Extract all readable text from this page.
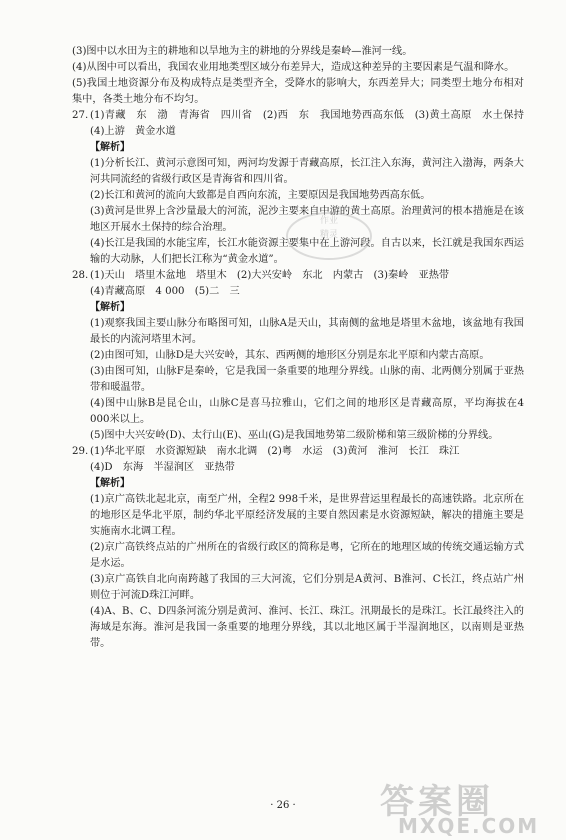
(3)图中以水田为主的耕地和以旱地为主的耕地的分界线是秦岭—淮河一线。

(4)从图中可以看出，我国农业用地类型区域分布差异大，造成这种差异的主要因素是气温和降水。

(5)我国土地资源分布及构成特点是类型齐全，受降水的影响大，东西差异大；同类型土地分布相对集中，各类土地分布不均匀。

27. (1)青藏　东　渤　青海省　四川省　(2)西　东　我国地势西高东低　(3)黄土高原　水土保持　(4)上游　黄金水道

【解析】

(1)分析长江、黄河示意图可知，两河均发源于青藏高原，长江注入东海，黄河注入渤海，两条大河共同流经的省级行政区是青海省和四川省。

(2)长江和黄河的流向大致都是自西向东流，主要原因是我国地势西高东低。

(3)黄河是世界上含沙量最大的河流，泥沙主要来自中游的黄土高原。治理黄河的根本措施是在该地区开展水土保持的综合治理。

(4)长江是我国的水能宝库，长江水能资源主要集中在上游河段。自古以来，长江就是我国东西运输的大动脉，人们把长江称为“黄金水道”。

28. (1)天山　塔里木盆地　塔里木　(2)大兴安岭　东北　内蒙古　(3)秦岭　亚热带

(4)青藏高原　4 000　(5)二　三

【解析】

(1)观察我国主要山脉分布略图可知，山脉A是天山，其南侧的盆地是塔里木盆地，该盆地有我国最长的内流河塔里木河。

(2)由图可知，山脉D是大兴安岭，其东、西两侧的地形区分别是东北平原和内蒙古高原。

(3)由图可知，山脉F是秦岭，它是我国一条重要的地理分界线。山脉的南、北两侧分别属于亚热带和暖温带。

(4)图中山脉B是昆仑山，山脉C是喜马拉雅山，它们之间的地形区是青藏高原，平均海拔在4 000米以上。

(5)图中大兴安岭(D)、太行山(E)、巫山(G)是我国地势第二级阶梯和第三级阶梯的分界线。

29. (1)华北平原　水资源短缺　南水北调　(2)粤　水运　(3)黄河　淮河　长江　珠江

(4)D　东海　半湿润区　亚热带

【解析】

(1)京广高铁北起北京，南至广州，全程2 998千米，是世界营运里程最长的高速铁路。北京所在的地形区是华北平原，制约华北平原经济发展的主要自然因素是水资源短缺，解决的措施主要是实施南水北调工程。

(2)京广高铁终点站的广州所在的省级行政区的简称是粤，它所在的地理区域的传统交通运输方式是水运。

(3)京广高铁自北向南跨越了我国的三大河流，它们分别是A黄河、B淮河、C长江，终点站广州则位于河流D珠江河畔。

(4)A、B、C、D四条河流分别是黄河、淮河、长江、珠江。汛期最长的是珠江。长江最终注入的海域是东海。淮河是我国一条重要的地理分界线，其以北地区属于半湿润地区，以南则是亚热带。

作业
精灵
· 26 ·	答案圈
MXQE.COM
